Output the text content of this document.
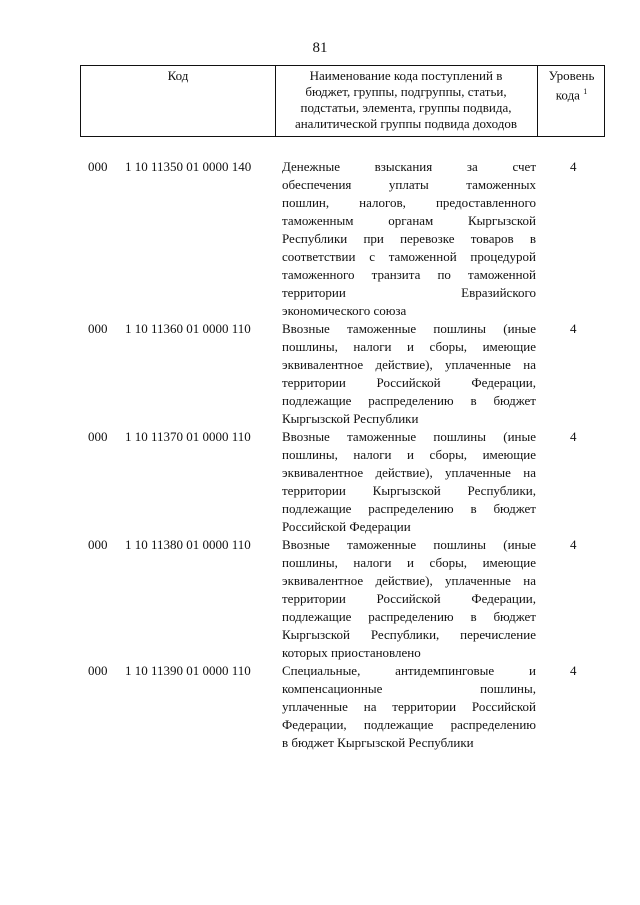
81
Код	Наименование кода поступлений в
бюджет, группы, подгруппы, статьи,
подстатьи, элемента, группы подвида,
аналитической группы подвида доходов
Уровень
кода $^1$
000 1 10 11350 01 0000 140 Денежные взыскания за счет
обеспечения уплаты таможенных
пошлин, налогов, предоставленного
таможенным органам Кыргызской
Республики при перевозке товаров в
соответствии с таможенной процедурой
таможенного транзита по таможенной
территории Евразийского
экономического союза
4
000 1 10 11360 01 0000 110 Ввозные таможенные пошлины (иные
пошлины, налоги и сборы, имеющие
эквивалентное действие), уплаченные на
территории Российской Федерации,
подлежащие распределению в бюджет
Кыргызской Республики
4
000 1 10 11370 01 0000 110 Ввозные таможенные пошлины (иные
пошлины, налоги и сборы, имеющие
эквивалентное действие), уплаченные на
территории Кыргызской Республики,
подлежащие распределению в бюджет
Российской Федерации
4
000 1 10 11380 01 0000 110 Ввозные таможенные пошлины (иные
пошлины, налоги и сборы, имеющие
эквивалентное действие), уплаченные на
территории Российской Федерации,
подлежащие распределению в бюджет
Кыргызской Республики, перечисление
которых приостановлено
4
000 1 10 11390 01 0000 110 Специальные, антидемпинговые и
компенсационные пошлины,
уплаченные на территории Российской
Федерации, подлежащие распределению
в бюджет Кыргызской Республики
4
